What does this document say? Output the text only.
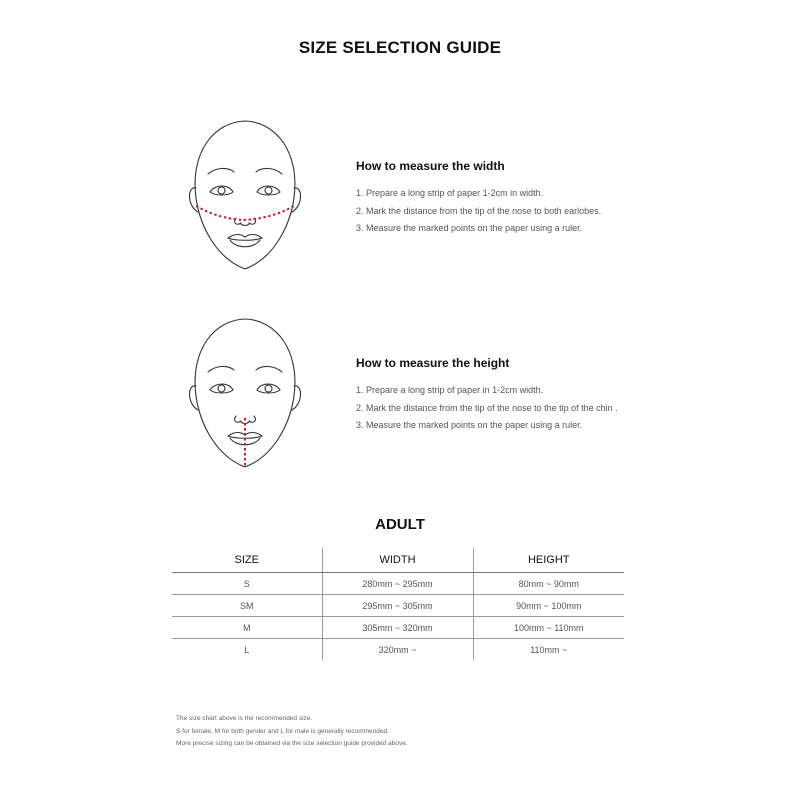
SIZE SELECTION GUIDE
How to measure the width
1. Prepare a long strip of paper 1-2cm in width.
2. Mark the distance from the tip of the nose to both earlobes.
3. Measure the marked points on the paper using a ruler.
How to measure the height
1. Prepare a long strip of paper in 1-2cm width.
2. Mark the distance from the tip of the nose to the tip of the chin .
3. Measure the marked points on the paper using a ruler.
ADULT
SIZE	WIDTH	HEIGHT
S	280mm ~ 295mm	80mm ~ 90mm
SM	295mm ~ 305mm	90mm ~ 100mm
M	305mm ~ 320mm	100mm ~ 110mm
L	320mm ~	110mm ~

The size chart above is the recommended size.

S for female, M for both gender and L for male is generally recommended.

More precise sizing can be obtained via the size selection guide provided above.
